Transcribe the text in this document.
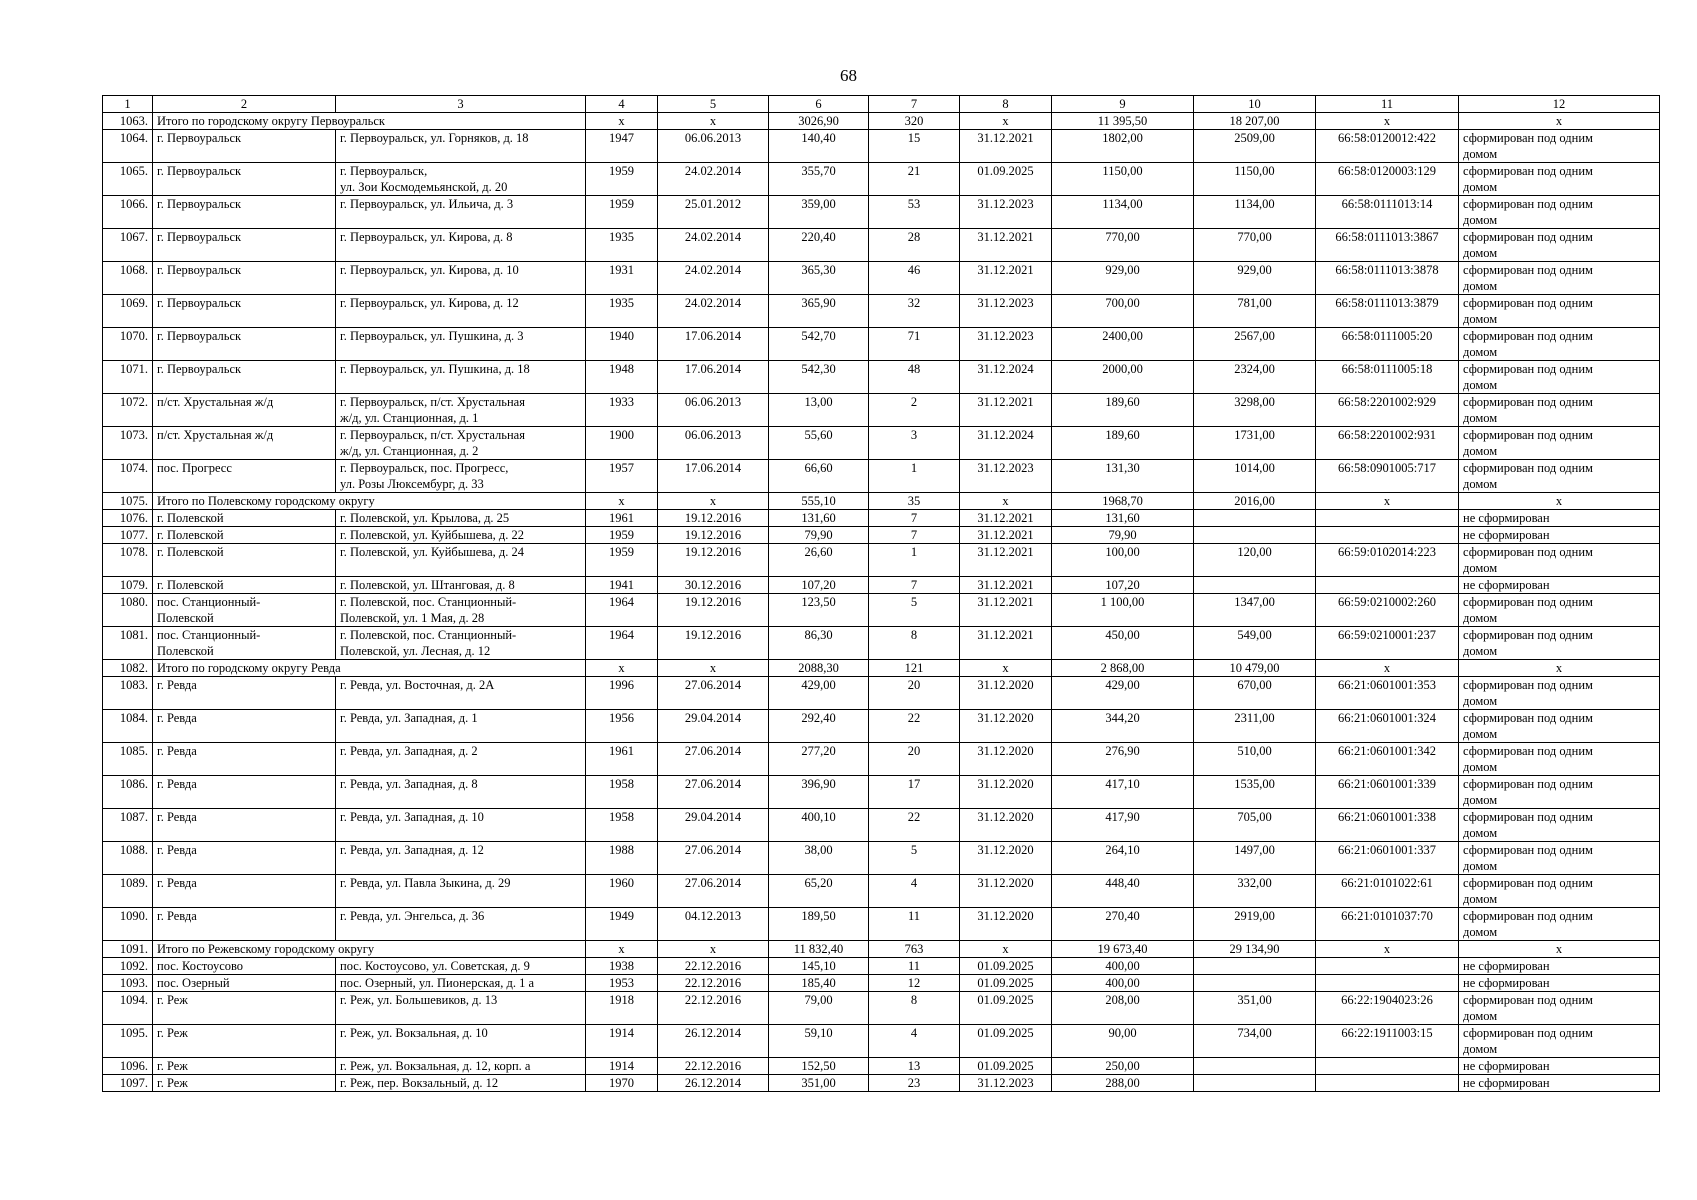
68
1	2	3	4	5	6	7	8	9	10	11	12
1063.	Итого по городскому округу Первоуральск		х	х	3026,90	320	х	11 395,50	18 207,00	х	х
1064.	г. Первоуральск	г. Первоуральск, ул. Горняков, д. 18	1947	06.06.2013	140,40	15	31.12.2021	1802,00	2509,00	66:58:0120012:422	сформирован под одним
домом
1065.	г. Первоуральск	г. Первоуральск,
ул. Зои Космодемьянской, д. 20	1959	24.02.2014	355,70	21	01.09.2025	1150,00	1150,00	66:58:0120003:129	сформирован под одним
домом
1066.	г. Первоуральск	г. Первоуральск, ул. Ильича, д. 3	1959	25.01.2012	359,00	53	31.12.2023	1134,00	1134,00	66:58:0111013:14	сформирован под одним
домом
1067.	г. Первоуральск	г. Первоуральск, ул. Кирова, д. 8	1935	24.02.2014	220,40	28	31.12.2021	770,00	770,00	66:58:0111013:3867	сформирован под одним
домом
1068.	г. Первоуральск	г. Первоуральск, ул. Кирова, д. 10	1931	24.02.2014	365,30	46	31.12.2021	929,00	929,00	66:58:0111013:3878	сформирован под одним
домом
1069.	г. Первоуральск	г. Первоуральск, ул. Кирова, д. 12	1935	24.02.2014	365,90	32	31.12.2023	700,00	781,00	66:58:0111013:3879	сформирован под одним
домом
1070.	г. Первоуральск	г. Первоуральск, ул. Пушкина, д. 3	1940	17.06.2014	542,70	71	31.12.2023	2400,00	2567,00	66:58:0111005:20	сформирован под одним
домом
1071.	г. Первоуральск	г. Первоуральск, ул. Пушкина, д. 18	1948	17.06.2014	542,30	48	31.12.2024	2000,00	2324,00	66:58:0111005:18	сформирован под одним
домом
1072.	п/ст. Хрустальная ж/д	г. Первоуральск, п/ст. Хрустальная
ж/д, ул. Станционная, д. 1	1933	06.06.2013	13,00	2	31.12.2021	189,60	3298,00	66:58:2201002:929	сформирован под одним
домом
1073.	п/ст. Хрустальная ж/д	г. Первоуральск, п/ст. Хрустальная
ж/д, ул. Станционная, д. 2	1900	06.06.2013	55,60	3	31.12.2024	189,60	1731,00	66:58:2201002:931	сформирован под одним
домом
1074.	пос. Прогресс	г. Первоуральск, пос. Прогресс,
ул. Розы Люксембург, д. 33	1957	17.06.2014	66,60	1	31.12.2023	131,30	1014,00	66:58:0901005:717	сформирован под одним
домом
1075.	Итого по Полевскому городскому округу		х	х	555,10	35	х	1968,70	2016,00	х	х
1076.	г. Полевской	г. Полевской, ул. Крылова, д. 25	1961	19.12.2016	131,60	7	31.12.2021	131,60			не сформирован
1077.	г. Полевской	г. Полевской, ул. Куйбышева, д. 22	1959	19.12.2016	79,90	7	31.12.2021	79,90			не сформирован
1078.	г. Полевской	г. Полевской, ул. Куйбышева, д. 24	1959	19.12.2016	26,60	1	31.12.2021	100,00	120,00	66:59:0102014:223	сформирован под одним
домом
1079.	г. Полевской	г. Полевской, ул. Штанговая, д. 8	1941	30.12.2016	107,20	7	31.12.2021	107,20			не сформирован
1080.	пос. Станционный-
Полевской	г. Полевской, пос. Станционный-
Полевской, ул. 1 Мая, д. 28	1964	19.12.2016	123,50	5	31.12.2021	1 100,00	1347,00	66:59:0210002:260	сформирован под одним
домом
1081.	пос. Станционный-
Полевской	г. Полевской, пос. Станционный-
Полевской, ул. Лесная, д. 12	1964	19.12.2016	86,30	8	31.12.2021	450,00	549,00	66:59:0210001:237	сформирован под одним
домом
1082.	Итого по городскому округу Ревда		х	х	2088,30	121	х	2 868,00	10 479,00	х	х
1083.	г. Ревда	г. Ревда, ул. Восточная, д. 2А	1996	27.06.2014	429,00	20	31.12.2020	429,00	670,00	66:21:0601001:353	сформирован под одним
домом
1084.	г. Ревда	г. Ревда, ул. Западная, д. 1	1956	29.04.2014	292,40	22	31.12.2020	344,20	2311,00	66:21:0601001:324	сформирован под одним
домом
1085.	г. Ревда	г. Ревда, ул. Западная, д. 2	1961	27.06.2014	277,20	20	31.12.2020	276,90	510,00	66:21:0601001:342	сформирован под одним
домом
1086.	г. Ревда	г. Ревда, ул. Западная, д. 8	1958	27.06.2014	396,90	17	31.12.2020	417,10	1535,00	66:21:0601001:339	сформирован под одним
домом
1087.	г. Ревда	г. Ревда, ул. Западная, д. 10	1958	29.04.2014	400,10	22	31.12.2020	417,90	705,00	66:21:0601001:338	сформирован под одним
домом
1088.	г. Ревда	г. Ревда, ул. Западная, д. 12	1988	27.06.2014	38,00	5	31.12.2020	264,10	1497,00	66:21:0601001:337	сформирован под одним
домом
1089.	г. Ревда	г. Ревда, ул. Павла Зыкина, д. 29	1960	27.06.2014	65,20	4	31.12.2020	448,40	332,00	66:21:0101022:61	сформирован под одним
домом
1090.	г. Ревда	г. Ревда, ул. Энгельса, д. 36	1949	04.12.2013	189,50	11	31.12.2020	270,40	2919,00	66:21:0101037:70	сформирован под одним
домом
1091.	Итого по Режевскому городскому округу		х	х	11 832,40	763	х	19 673,40	29 134,90	х	х
1092.	пос. Костоусово	пос. Костоусово, ул. Советская, д. 9	1938	22.12.2016	145,10	11	01.09.2025	400,00			не сформирован
1093.	пос. Озерный	пос. Озерный, ул. Пионерская, д. 1 а	1953	22.12.2016	185,40	12	01.09.2025	400,00			не сформирован
1094.	г. Реж	г. Реж, ул. Большевиков, д. 13	1918	22.12.2016	79,00	8	01.09.2025	208,00	351,00	66:22:1904023:26	сформирован под одним
домом
1095.	г. Реж	г. Реж, ул. Вокзальная, д. 10	1914	26.12.2014	59,10	4	01.09.2025	90,00	734,00	66:22:1911003:15	сформирован под одним
домом
1096.	г. Реж	г. Реж, ул. Вокзальная, д. 12, корп. а	1914	22.12.2016	152,50	13	01.09.2025	250,00			не сформирован
1097.	г. Реж	г. Реж, пер. Вокзальный, д. 12	1970	26.12.2014	351,00	23	31.12.2023	288,00			не сформирован
